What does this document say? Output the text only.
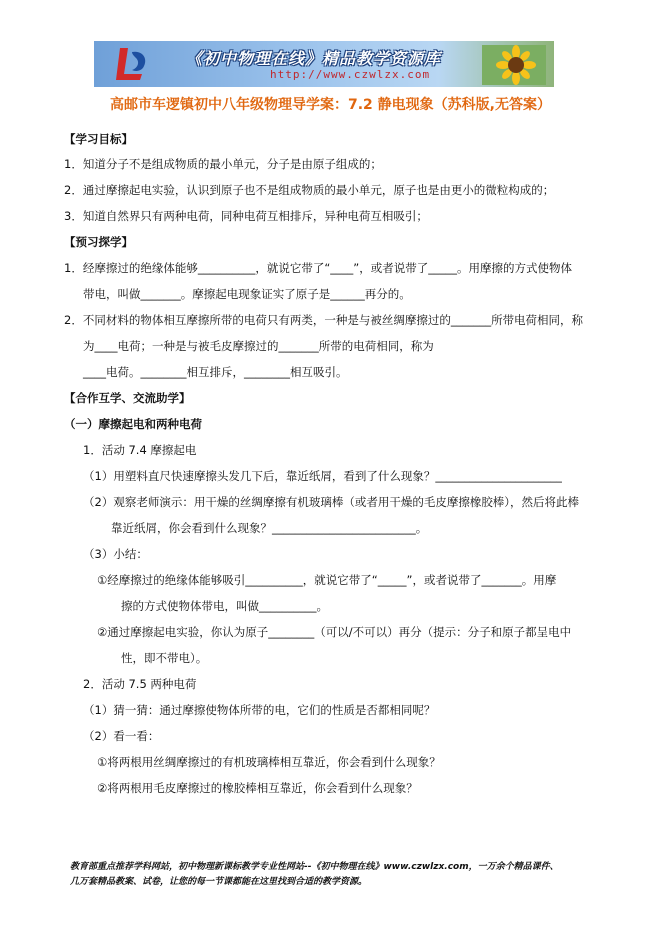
《初中物理在线》精品教学资源库
http://www.czwlzx.com
高邮市车逻镇初中八年级物理导学案：7.2 静电现象（苏科版,无答案）
【学习目标】
1．知道分子不是组成物质的最小单元，分子是由原子组成的；
2．通过摩擦起电实验，认识到原子也不是组成物质的最小单元，原子也是由更小的微粒构成的；
3．知道自然界只有两种电荷，同种电荷互相排斥，异种电荷互相吸引；
【预习探学】
1．经摩擦过的绝缘体能够__________，就说它带了“____”，或者说带了_____。用摩擦的方式使物体
带电，叫做_______。摩擦起电现象证实了原子是______再分的。
2．不同材料的物体相互摩擦所带的电荷只有两类，一种是与被丝绸摩擦过的_______所带电荷相同，称
为____电荷；一种是与被毛皮摩擦过的_______所带的电荷相同，称为
____电荷。________相互排斥，________相互吸引。
【合作互学、交流助学】
（一）摩擦起电和两种电荷
1．活动 7.4 摩擦起电
（1）用塑料直尺快速摩擦头发几下后，靠近纸屑，看到了什么现象？______________________
（2）观察老师演示：用干燥的丝绸摩擦有机玻璃棒（或者用干燥的毛皮摩擦橡胶棒），然后将此棒
靠近纸屑，你会看到什么现象？_________________________。
（3）小结：
①经摩擦过的绝缘体能够吸引__________，就说它带了“_____”，或者说带了_______。用摩
擦的方式使物体带电，叫做__________。
②通过摩擦起电实验，你认为原子________（可以/不可以）再分（提示：分子和原子都呈电中
性，即不带电）。
2．活动 7.5 两种电荷
（1）猜一猜：通过摩擦使物体所带的电，它们的性质是否都相同呢？
（2）看一看：
①将两根用丝绸摩擦过的有机玻璃棒相互靠近，你会看到什么现象？
②将两根用毛皮摩擦过的橡胶棒相互靠近，你会看到什么现象？
教育部重点推荐学科网站，初中物理新课标教学专业性网站--《初中物理在线》www.czwlzx.com，一万余个精品课件、
几万套精品教案、试卷，让您的每一节课都能在这里找到合适的教学资源。
